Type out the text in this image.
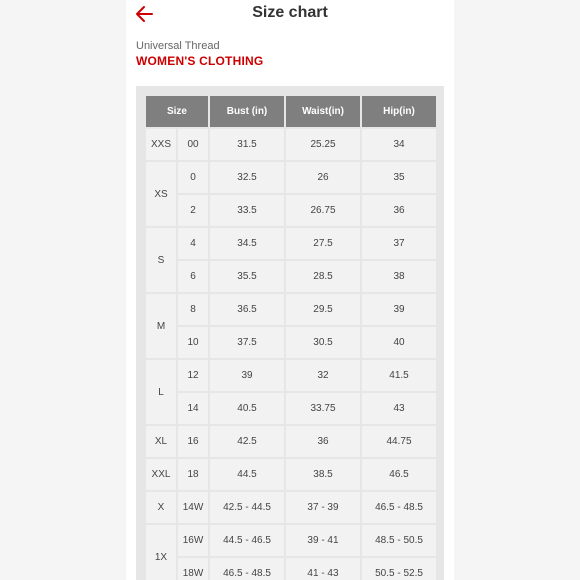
Size chart
Universal Thread
WOMEN'S CLOTHING
Size		Bust (in)	Waist(in)	Hip(in)
XXS	00	31.5	25.25	34
XS	0	32.5	26	35
	2	33.5	26.75	36
S	4	34.5	27.5	37
	6	35.5	28.5	38
M	8	36.5	29.5	39
	10	37.5	30.5	40
L	12	39	32	41.5
	14	40.5	33.75	43
XL	16	42.5	36	44.75
XXL	18	44.5	38.5	46.5
X	14W	42.5 - 44.5	37 - 39	46.5 - 48.5
1X	16W	44.5 - 46.5	39 - 41	48.5 - 50.5
	18W	46.5 - 48.5	41 - 43	50.5 - 52.5
